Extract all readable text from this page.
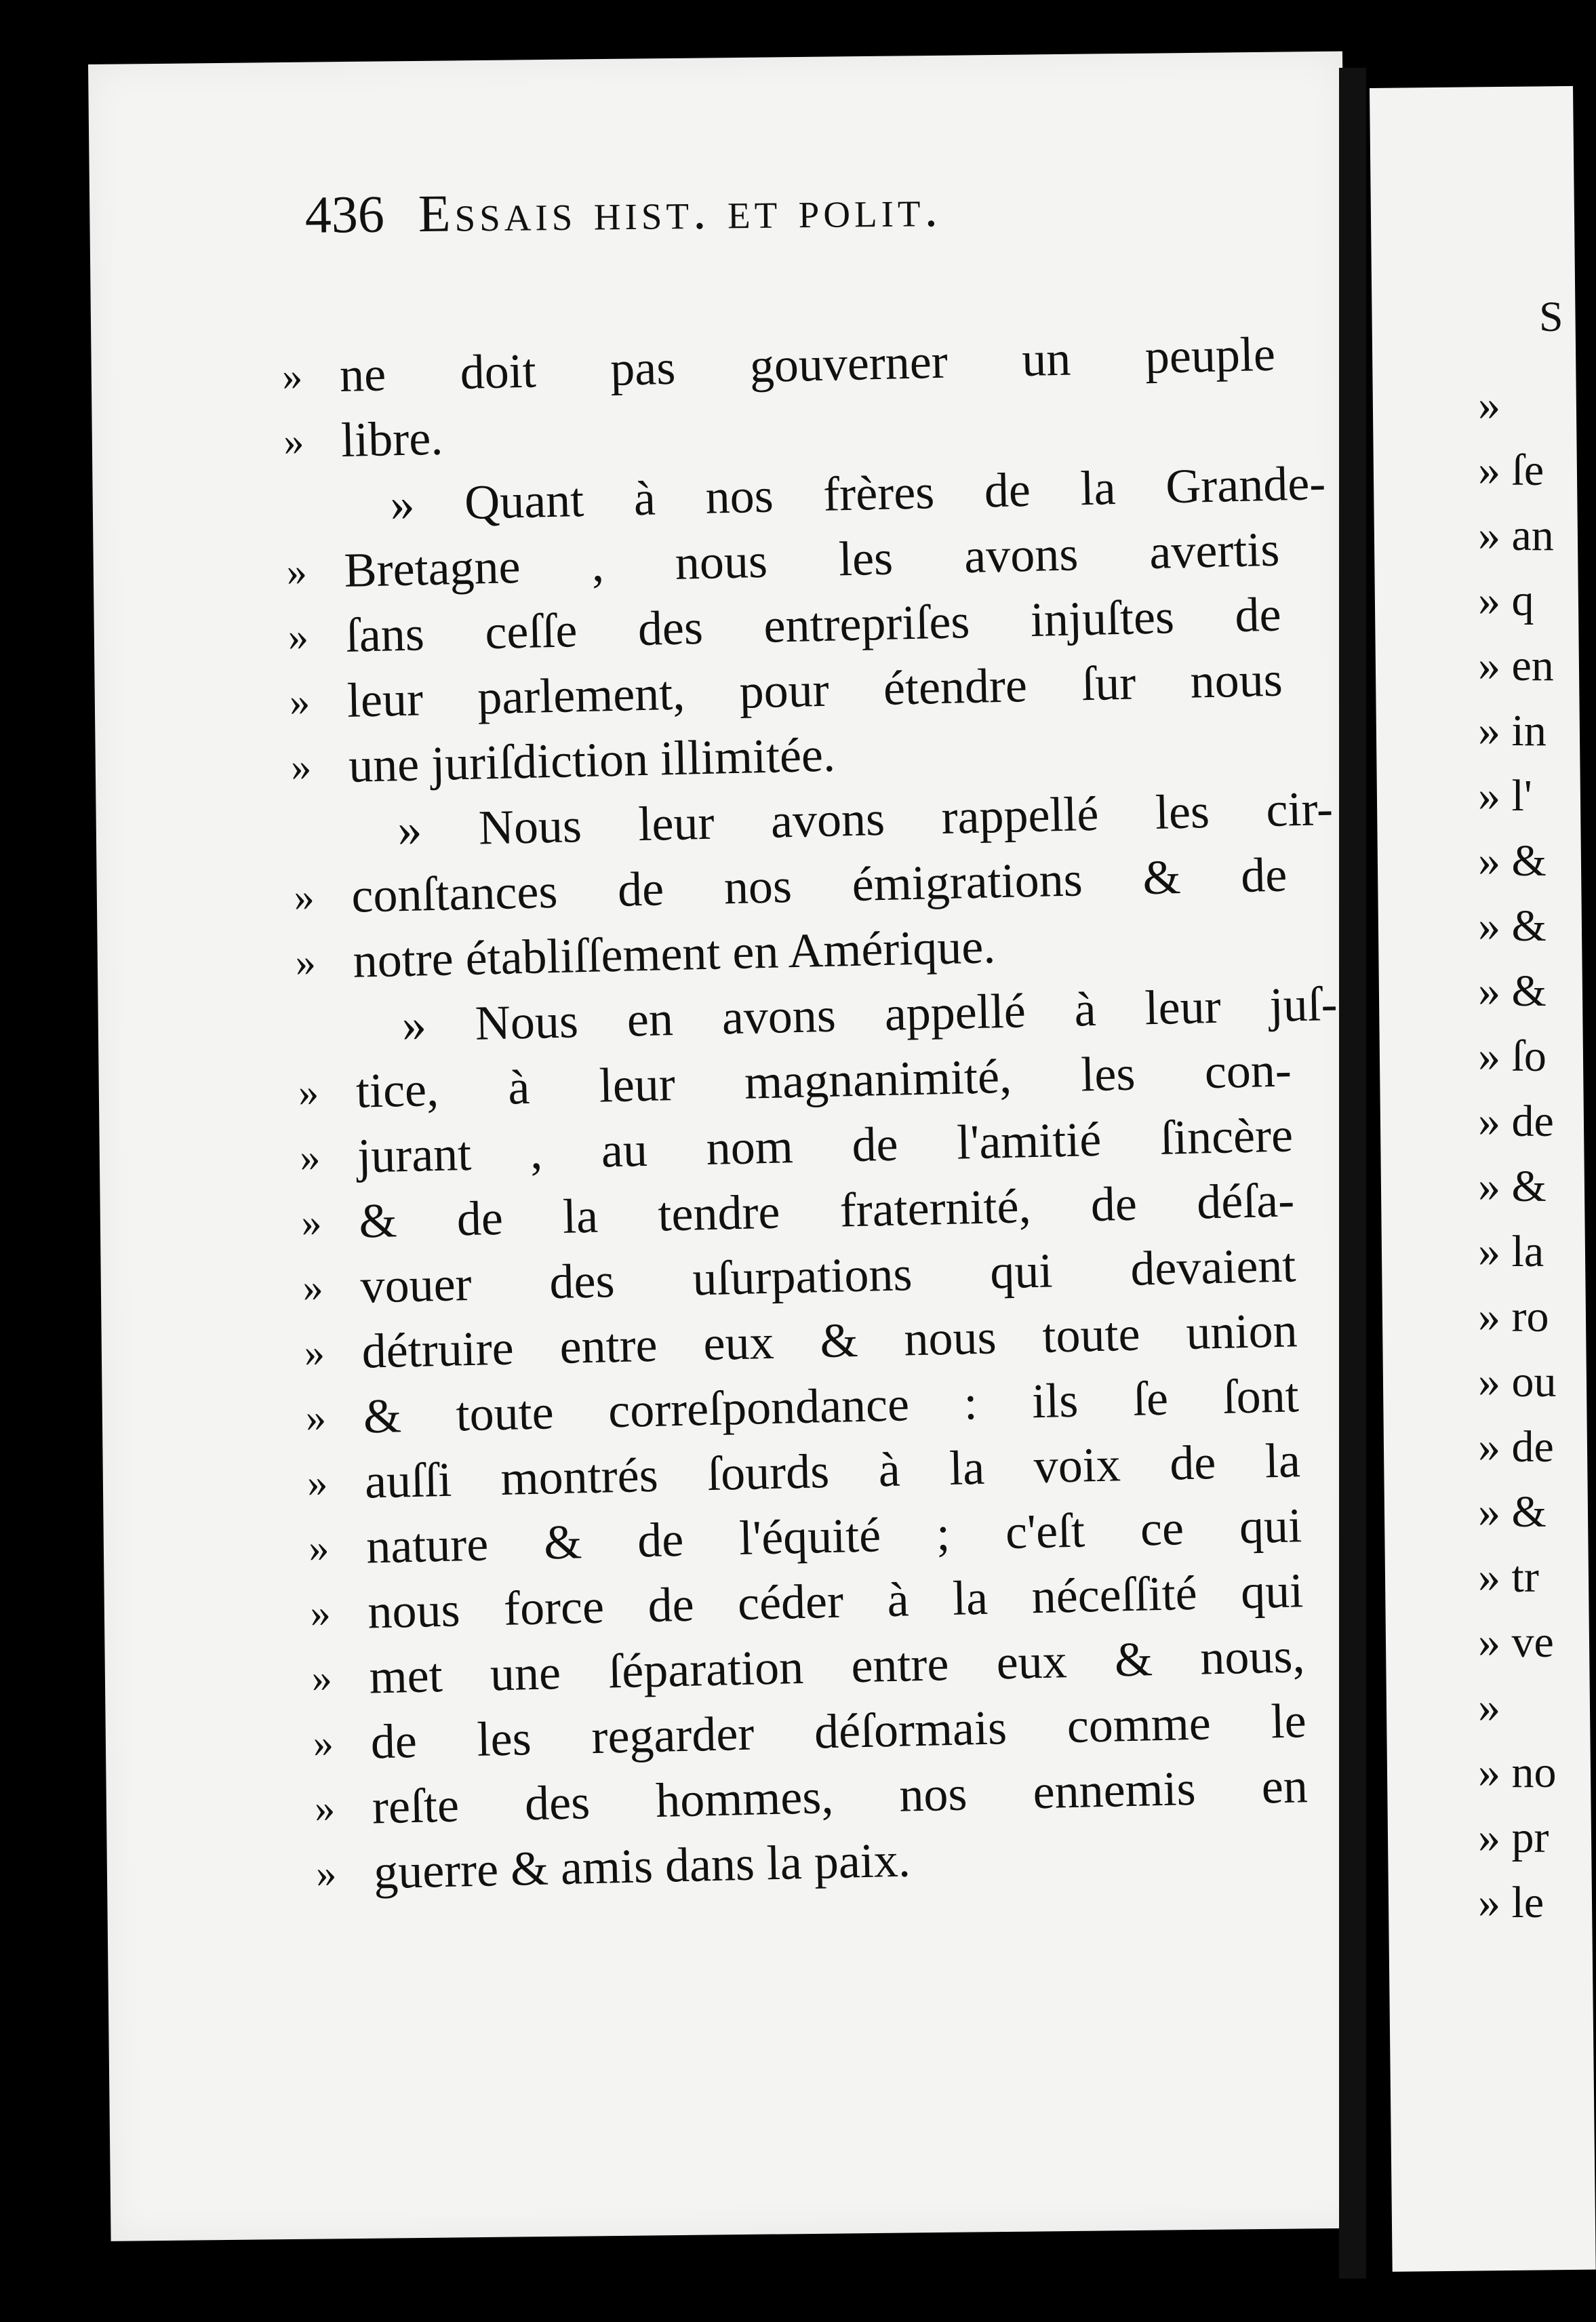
436 Essais hist. et polit.
» ne doit pas gouverner un peuple
» libre.
» Quant à nos frères de la Grande-
» Bretagne , nous les avons avertis
» ſans ceſſe des entrepriſes injuſtes de
» leur parlement, pour étendre ſur nous
» une juriſdiction illimitée.
» Nous leur avons rappellé les cir-
» conſtances de nos émigrations & de
» notre établiſſement en Amérique.
» Nous en avons appellé à leur juſ-
» tice, à leur magnanimité, les con-
» jurant , au nom de l'amitié ſincère
» & de la tendre fraternité, de déſa-
» vouer des uſurpations qui devaient
» détruire entre eux & nous toute union
» & toute correſpondance : ils ſe ſont
» auſſi montrés ſourds à la voix de la
» nature & de l'équité ; c'eſt ce qui
» nous force de céder à la néceſſité qui
» met une ſéparation entre eux & nous,
» de les regarder déſormais comme le
» reſte des hommes, nos ennemis en
» guerre & amis dans la paix.
S
»
» ſe
» an
» q
» en
» in
» l'
» &
» &
» &
» ſo
» de
» &
» la
» ro
» ou
» de
» &
» tr
» ve
»
» no
» pr
» le
